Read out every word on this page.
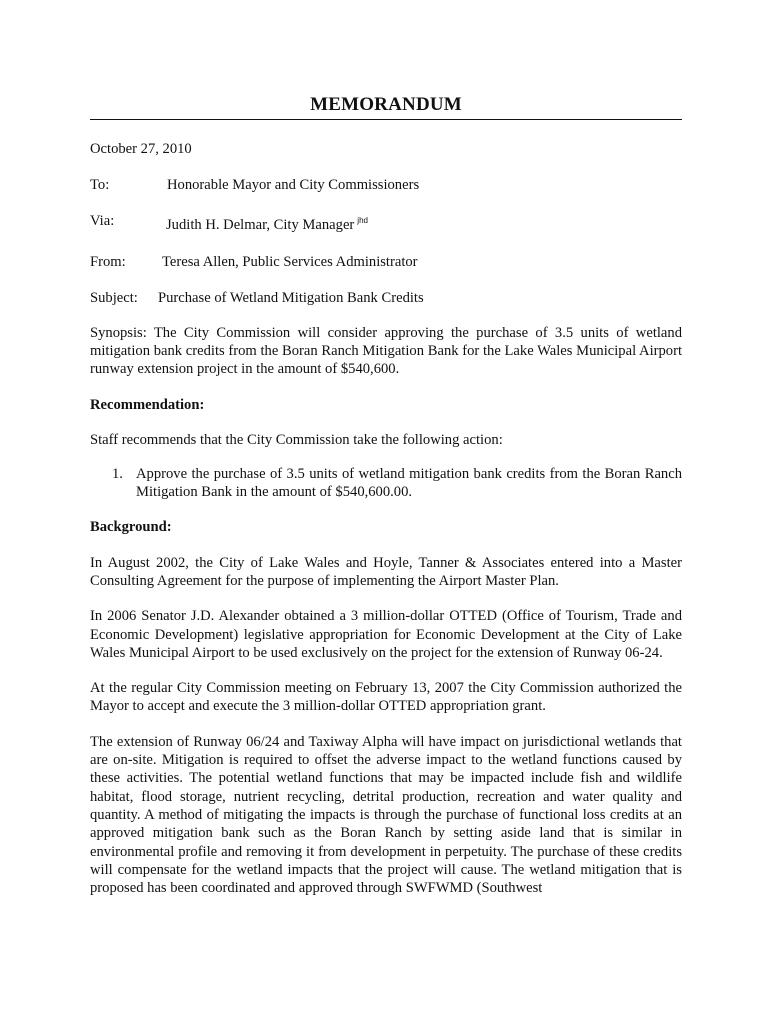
MEMORANDUM
October 27, 2010
To:	Honorable Mayor and City Commissioners
Via:	Judith H. Delmar, City Manager $^{jhd}$
From:	Teresa Allen, Public Services Administrator
Subject:	Purchase of Wetland Mitigation Bank Credits
Synopsis: The City Commission will consider approving the purchase of 3.5 units of wetland mitigation bank credits from the Boran Ranch Mitigation Bank for the Lake Wales Municipal Airport runway extension project in the amount of $540,600.
Recommendation:
Staff recommends that the City Commission take the following action:
1. Approve the purchase of 3.5 units of wetland mitigation bank credits from the Boran Ranch Mitigation Bank in the amount of $540,600.00.
Background:
In August 2002, the City of Lake Wales and Hoyle, Tanner & Associates entered into a Master Consulting Agreement for the purpose of implementing the Airport Master Plan.
In 2006 Senator J.D. Alexander obtained a 3 million-dollar OTTED (Office of Tourism, Trade and Economic Development) legislative appropriation for Economic Development at the City of Lake Wales Municipal Airport to be used exclusively on the project for the extension of Runway 06-24.
At the regular City Commission meeting on February 13, 2007 the City Commission authorized the Mayor to accept and execute the 3 million-dollar OTTED appropriation grant.
The extension of Runway 06/24 and Taxiway Alpha will have impact on jurisdictional wetlands that are on-site. Mitigation is required to offset the adverse impact to the wetland functions caused by these activities. The potential wetland functions that may be impacted include fish and wildlife habitat, flood storage, nutrient recycling, detrital production, recreation and water quality and quantity. A method of mitigating the impacts is through the purchase of functional loss credits at an approved mitigation bank such as the Boran Ranch by setting aside land that is similar in environmental profile and removing it from development in perpetuity. The purchase of these credits will compensate for the wetland impacts that the project will cause. The wetland mitigation that is proposed has been coordinated and approved through SWFWMD (Southwest
